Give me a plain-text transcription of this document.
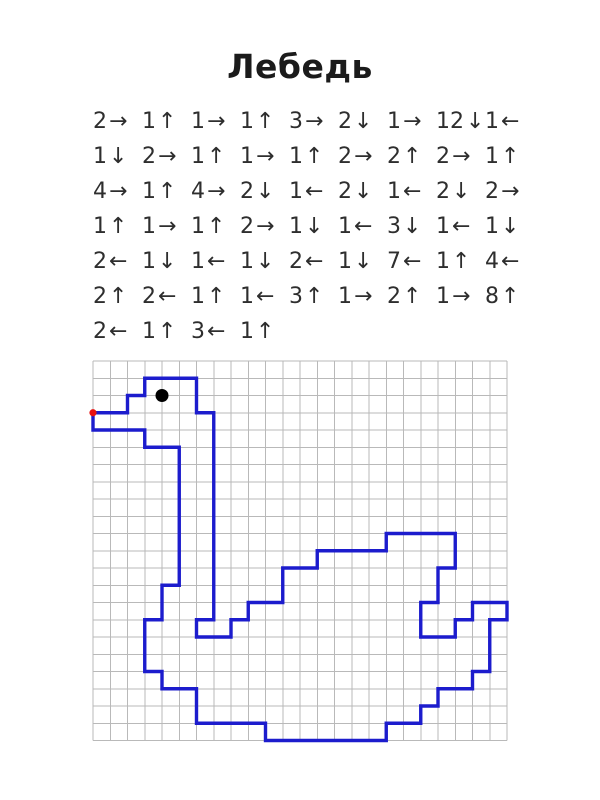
Лебедь
2→ 1↑ 1→ 1↑ 3→ 2↓ 1→ 12↓ 1←
1↓ 2→ 1↑ 1→ 1↑ 2→ 2↑ 2→ 1↑
4→ 1↑ 4→ 2↓ 1← 2↓ 1← 2↓ 2→
1↑ 1→ 1↑ 2→ 1↓ 1← 3↓ 1← 1↓
2← 1↓ 1← 1↓ 2← 1↓ 7← 1↑ 4←
2↑ 2← 1↑ 1← 3↑ 1→ 2↑ 1→ 8↑
2← 1↑ 3← 1↑
